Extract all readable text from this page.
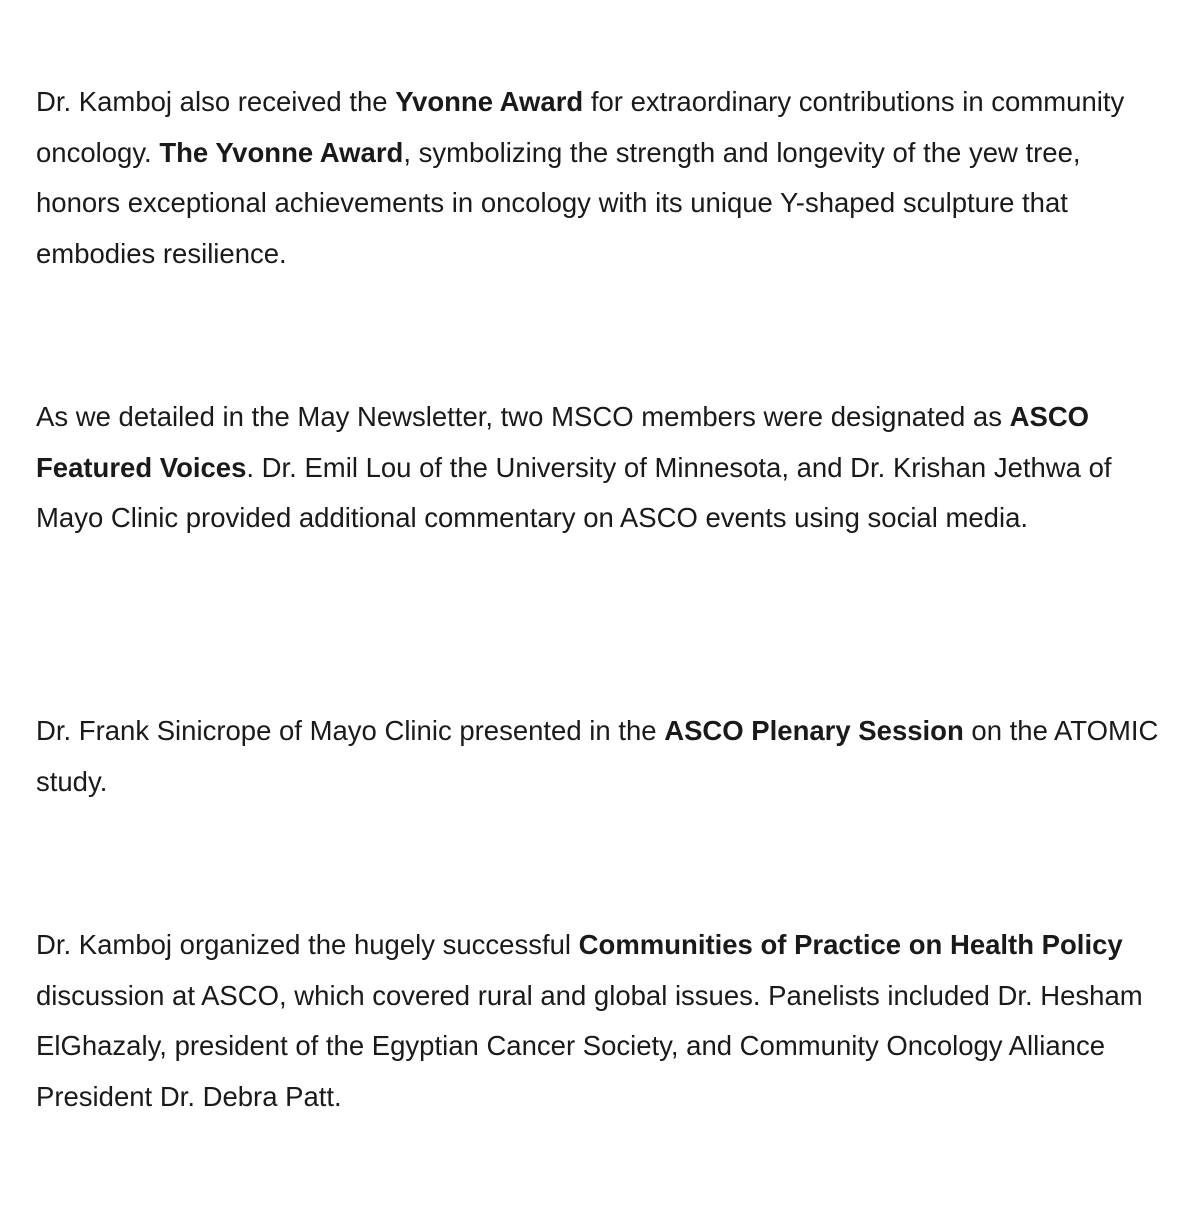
Dr. Kamboj also received the Yvonne Award for extraordinary contributions in community oncology. The Yvonne Award, symbolizing the strength and longevity of the yew tree, honors exceptional achievements in oncology with its unique Y-shaped sculpture that embodies resilience.

As we detailed in the May Newsletter, two MSCO members were designated as ASCO Featured Voices. Dr. Emil Lou of the University of Minnesota, and Dr. Krishan Jethwa of Mayo Clinic provided additional commentary on ASCO events using social media.

Dr. Frank Sinicrope of Mayo Clinic presented in the ASCO Plenary Session on the ATOMIC study.

Dr. Kamboj organized the hugely successful Communities of Practice on Health Policy discussion at ASCO, which covered rural and global issues. Panelists included Dr. Hesham ElGhazaly, president of the Egyptian Cancer Society, and Community Oncology Alliance President Dr. Debra Patt.
